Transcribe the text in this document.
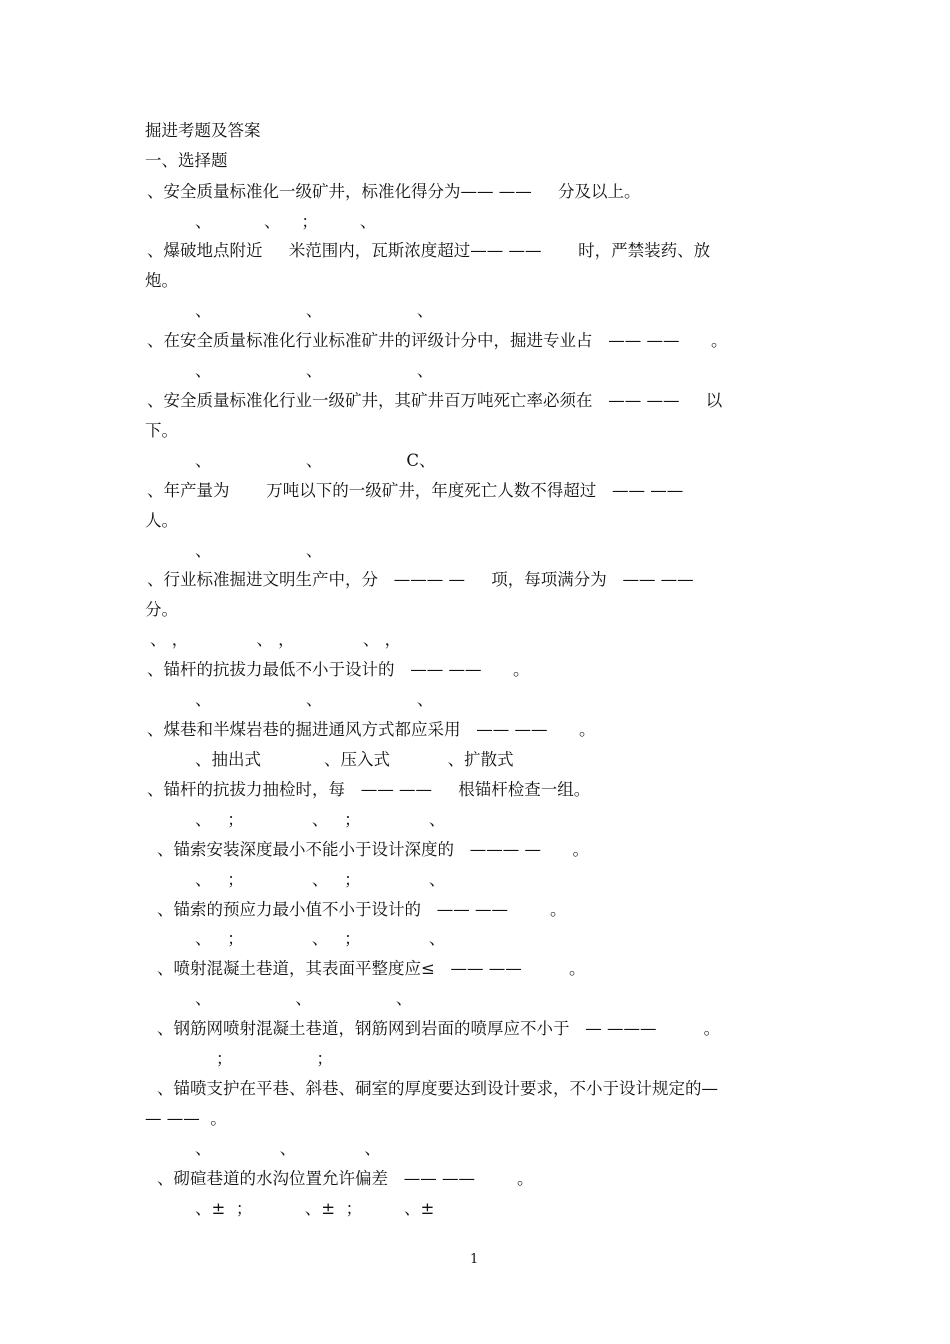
掘进考题及答案
一、选择题
、安全质量标准化一级矿井，标准化得分为—— ——     分及以上。
、          、    ；        、
、爆破地点附近     米范围内，瓦斯浓度超过—— ——       时，严禁装药、放
炮。
、                  、                  、
、在安全质量标准化行业标准矿井的评级计分中，掘进专业占   —— ——      。
、                  、                  、
、安全质量标准化行业一级矿井，其矿井百万吨死亡率必须在   —— ——     以
下。
、                  、                C、
、年产量为       万吨以下的一级矿井，年度死亡人数不得超过   —— ——
人。
、                  、
、行业标准掘进文明生产中，分   ——— —     项，每项满分为   —— ——
分。
、 ，             、 ，             、 ，
、锚杆的抗拔力最低不小于设计的   —— ——      。
、                  、                  、
、煤巷和半煤岩巷的掘进通风方式都应采用   —— ——      。
、抽出式            、压入式           、扩散式
、锚杆的抗拔力抽检时，每   —— ——     根锚杆检查一组。
、   ；             、   ；             、
、锚索安装深度最小不能小于设计深度的   ——— —      。
、   ；             、   ；             、
、锚索的预应力最小值不小于设计的   —— ——        。
、   ；             、   ；             、
、喷射混凝土巷道，其表面平整度应≤   —— ——         。
、                、                、
、钢筋网喷射混凝土巷道，钢筋网到岩面的喷厚应不小于   — ———         。
；                ；
、锚喷支护在平巷、斜巷、硐室的厚度要达到设计要求，不小于设计规定的—
— ——  。
、             、             、
、砌碹巷道的水沟位置允许偏差   —— ——        。
、±  ；          、±  ；        、±
1
